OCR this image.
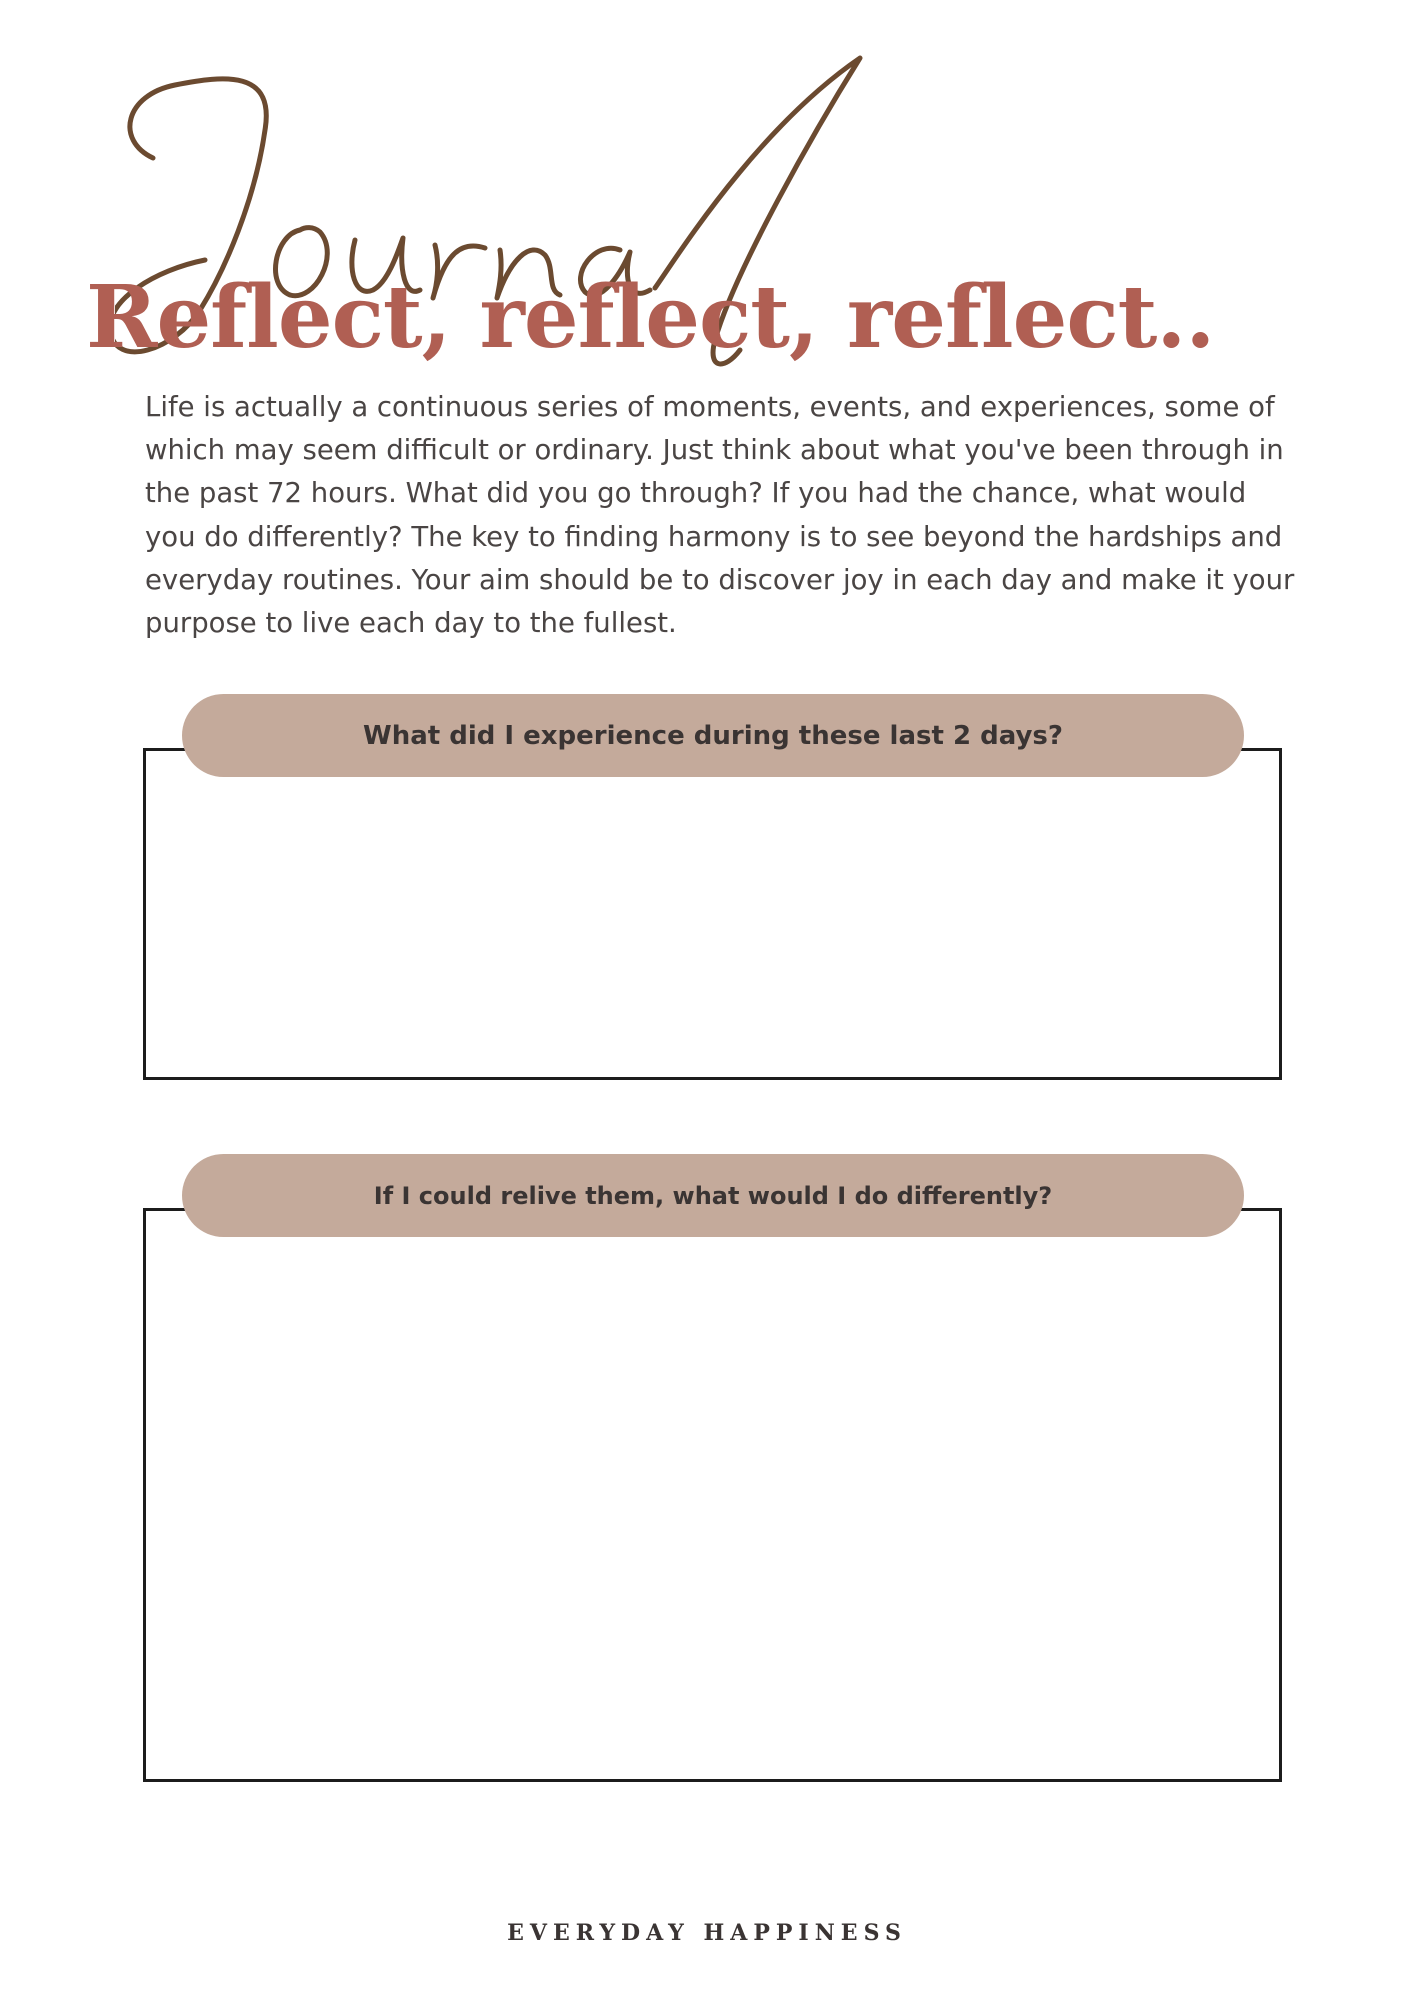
Reflect, reflect, reflect..

Life is actually a continuous series of moments, events, and experiences, some of which may seem difficult or ordinary. Just think about what you've been through in the past 72 hours. What did you go through? If you had the chance, what would you do differently? The key to finding harmony is to see beyond the hardships and everyday routines. Your aim should be to discover joy in each day and make it your purpose to live each day to the fullest.

What did I experience during these last 2 days?
If I could relive them, what would I do differently?

EVERYDAY HAPPINESS
